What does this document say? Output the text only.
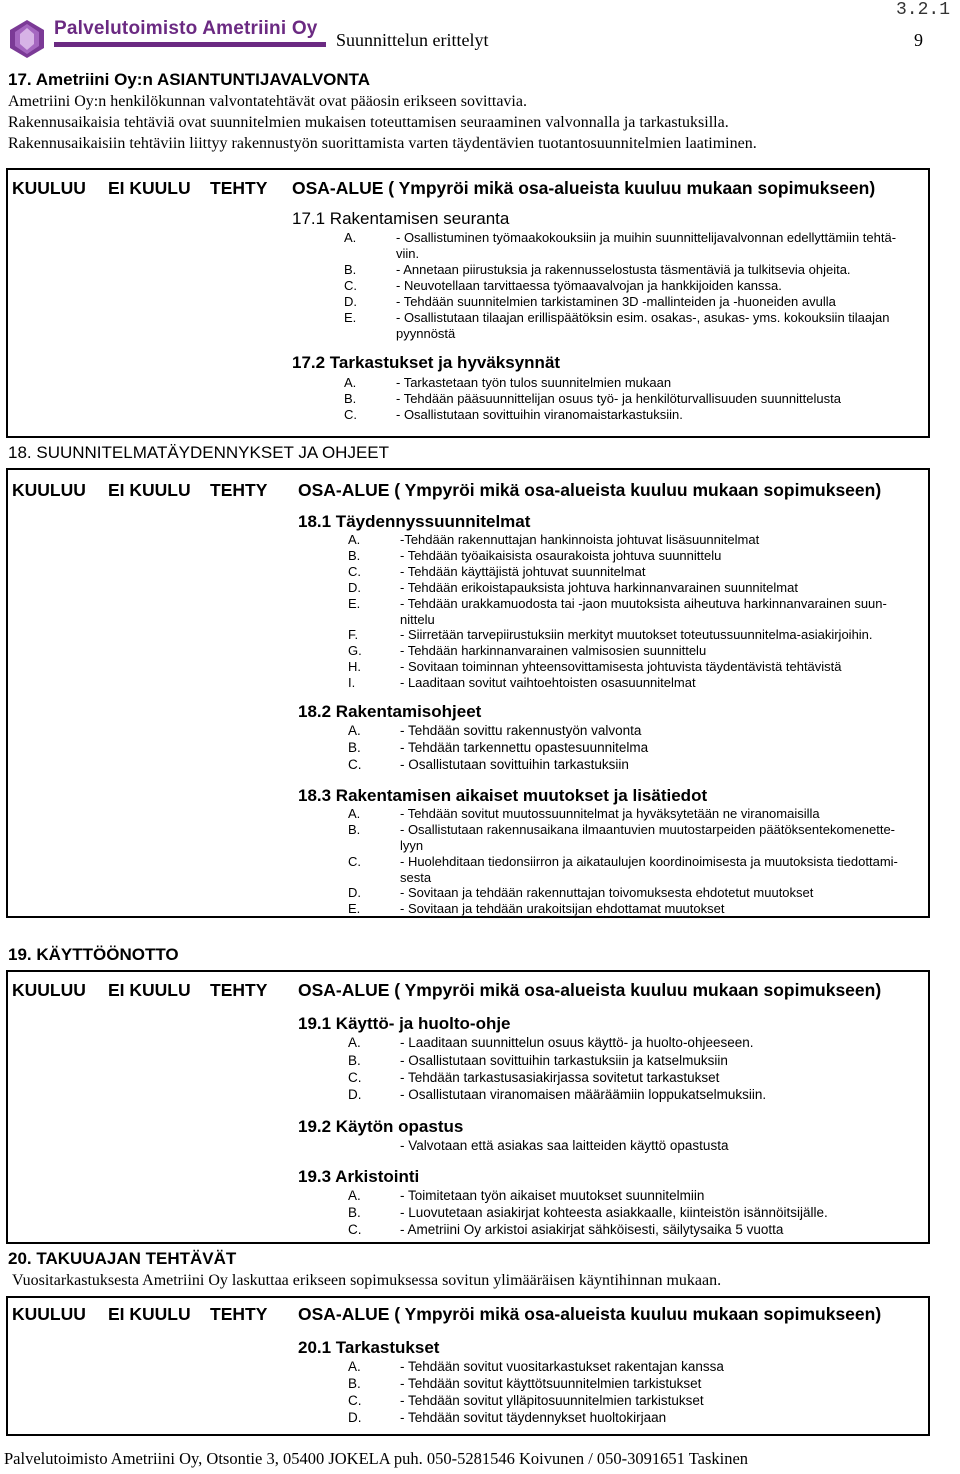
Palvelutoimisto Ametriini Oy
Suunnittelun erittelyt	9
3.2.1
17. Ametriini Oy:n ASIANTUNTIJAVALVONTA
Ametriini Oy:n henkilökunnan valvontatehtävät ovat pääosin erikseen sovittavia.
Rakennusaikaisia tehtäviä ovat suunnitelmien mukaisen toteuttamisen seuraaminen valvonnalla ja tarkastuksilla.
Rakennusaikaisiin tehtäviin liittyy rakennustyön suorittamista varten täydentävien tuotantosuunnitelmien laatiminen.
KUULUU EI KUULU TEHTY OSA-ALUE ( Ympyröi mikä osa-alueista kuuluu mukaan sopimukseen)
17.1 Rakentamisen seuranta
A.	- Osallistuminen työmaakokouksiin ja muihin suunnittelijavalvonnan edellyttämiin tehtä-
viin.
B.	- Annetaan piirustuksia ja rakennusselostusta täsmentäviä ja tulkitsevia ohjeita.
C.	- Neuvotellaan tarvittaessa työmaavalvojan ja hankkijoiden kanssa.
D.	- Tehdään suunnitelmien tarkistaminen 3D -mallinteiden ja -huoneiden avulla
E.	- Osallistutaan tilaajan erillispäätöksin esim. osakas-, asukas- yms. kokouksiin tilaajan
pyynnöstä
17.2 Tarkastukset ja hyväksynnät
A.	- Tarkastetaan työn tulos suunnitelmien mukaan
B.	- Tehdään pääsuunnittelijan osuus työ- ja henkilöturvallisuuden suunnittelusta
C.	- Osallistutaan sovittuihin viranomaistarkastuksiin.
18. SUUNNITELMATÄYDENNYKSET JA OHJEET
KUULUU EI KUULU TEHTY OSA-ALUE ( Ympyröi mikä osa-alueista kuuluu mukaan sopimukseen)
18.1 Täydennyssuunnitelmat
A.	-Tehdään rakennuttajan hankinnoista johtuvat lisäsuunnitelmat
B.	- Tehdään työaikaisista osaurakoista johtuva suunnittelu
C.	- Tehdään käyttäjistä johtuvat suunnitelmat
D.	- Tehdään erikoistapauksista johtuva harkinnanvarainen suunnitelmat
E.	- Tehdään urakkamuodosta tai -jaon muutoksista aiheutuva harkinnanvarainen suun-
nittelu
F.	- Siirretään tarvepiirustuksiin merkityt muutokset toteutussuunnitelma-asiakirjoihin.
G.	- Tehdään harkinnanvarainen valmisosien suunnittelu
H.	- Sovitaan toiminnan yhteensovittamisesta johtuvista täydentävistä tehtävistä
I.	- Laaditaan sovitut vaihtoehtoisten osasuunnitelmat
18.2 Rakentamisohjeet
A.	- Tehdään sovittu rakennustyön valvonta
B.	- Tehdään tarkennettu opastesuunnitelma
C.	- Osallistutaan sovittuihin tarkastuksiin
18.3 Rakentamisen aikaiset muutokset ja lisätiedot
A.	- Tehdään sovitut muutossuunnitelmat ja hyväksytetään ne viranomaisilla
B.	- Osallistutaan rakennusaikana ilmaantuvien muutostarpeiden päätöksentekomenette-
lyyn
C.	- Huolehditaan tiedonsiirron ja aikataulujen koordinoimisesta ja muutoksista tiedottami-
sesta
D.	- Sovitaan ja tehdään rakennuttajan toivomuksesta ehdotetut muutokset
E.	- Sovitaan ja tehdään urakoitsijan ehdottamat muutokset
19. KÄYTTÖÖNOTTO
KUULUU EI KUULU TEHTY OSA-ALUE ( Ympyröi mikä osa-alueista kuuluu mukaan sopimukseen)
19.1 Käyttö- ja huolto-ohje
A.	- Laaditaan suunnittelun osuus käyttö- ja huolto-ohjeeseen.
B.	- Osallistutaan sovittuihin tarkastuksiin ja katselmuksiin
C.	- Tehdään tarkastusasiakirjassa sovitetut tarkastukset
D.	- Osallistutaan viranomaisen määräämiin loppukatselmuksiin.
19.2 Käytön opastus
- Valvotaan että asiakas saa laitteiden käyttö opastusta
19.3 Arkistointi
A.	- Toimitetaan työn aikaiset muutokset suunnitelmiin
B.	- Luovutetaan asiakirjat kohteesta asiakkaalle, kiinteistön isännöitsijälle.
C.	- Ametriini Oy arkistoi asiakirjat sähköisesti, säilytysaika 5 vuotta
20. TAKUUAJAN TEHTÄVÄT
Vuositarkastuksesta Ametriini Oy laskuttaa erikseen sopimuksessa sovitun ylimääräisen käyntihinnan mukaan.
KUULUU EI KUULU TEHTY OSA-ALUE ( Ympyröi mikä osa-alueista kuuluu mukaan sopimukseen)
20.1 Tarkastukset
A.	- Tehdään sovitut vuositarkastukset rakentajan kanssa
B.	- Tehdään sovitut käyttötsuunnitelmien tarkistukset
C.	- Tehdään sovitut ylläpitosuunnitelmien tarkistukset
D.	- Tehdään sovitut täydennykset huoltokirjaan
Palvelutoimisto Ametriini Oy, Otsontie 3, 05400 JOKELA puh. 050-5281546 Koivunen / 050-3091651 Taskinen
